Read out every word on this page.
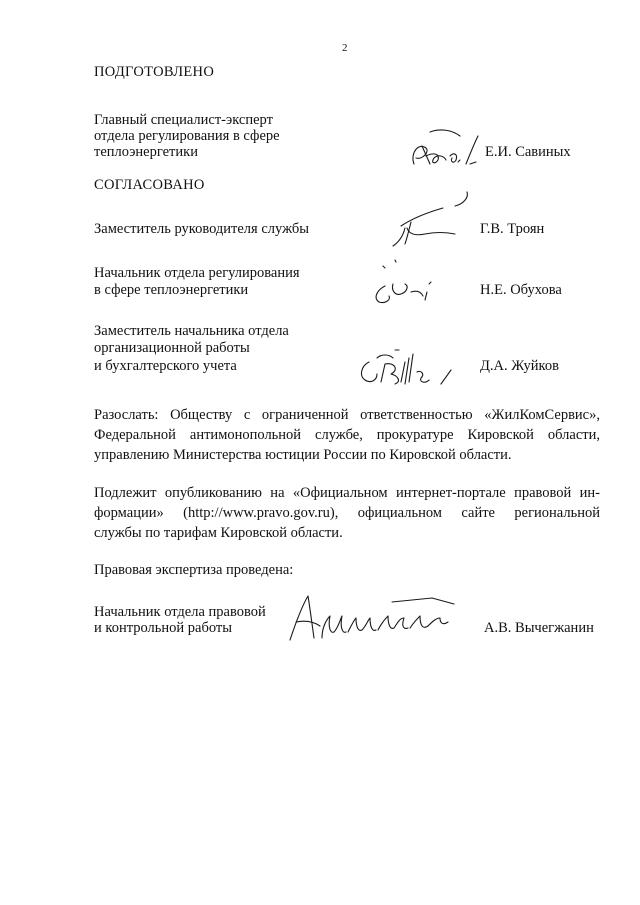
2
ПОДГОТОВЛЕНО
Главный специалист-эксперт
отдела регулирования в сфере
теплоэнергетики	Е.И. Савиных
СОГЛАСОВАНО
Заместитель руководителя службы	Г.В. Троян
Начальник отдела регулирования
в сфере теплоэнергетики	Н.Е. Обухова
Заместитель начальника отдела
организационной работы
и бухгалтерского учета	Д.А. Жуйков
Разослать: Обществу с ограниченной ответственностью «ЖилКомСервис»,
Федеральной антимонопольной службе, прокуратуре Кировской области,
управлению Министерства юстиции России по Кировской области.
Подлежит опубликованию на «Официальном интернет-портале правовой ин-
формации» (http://www.pravo.gov.ru), официальном сайте региональной
службы по тарифам Кировской области.
Правовая экспертиза проведена:
Начальник отдела правовой
и контрольной работы	А.В. Вычегжанин
